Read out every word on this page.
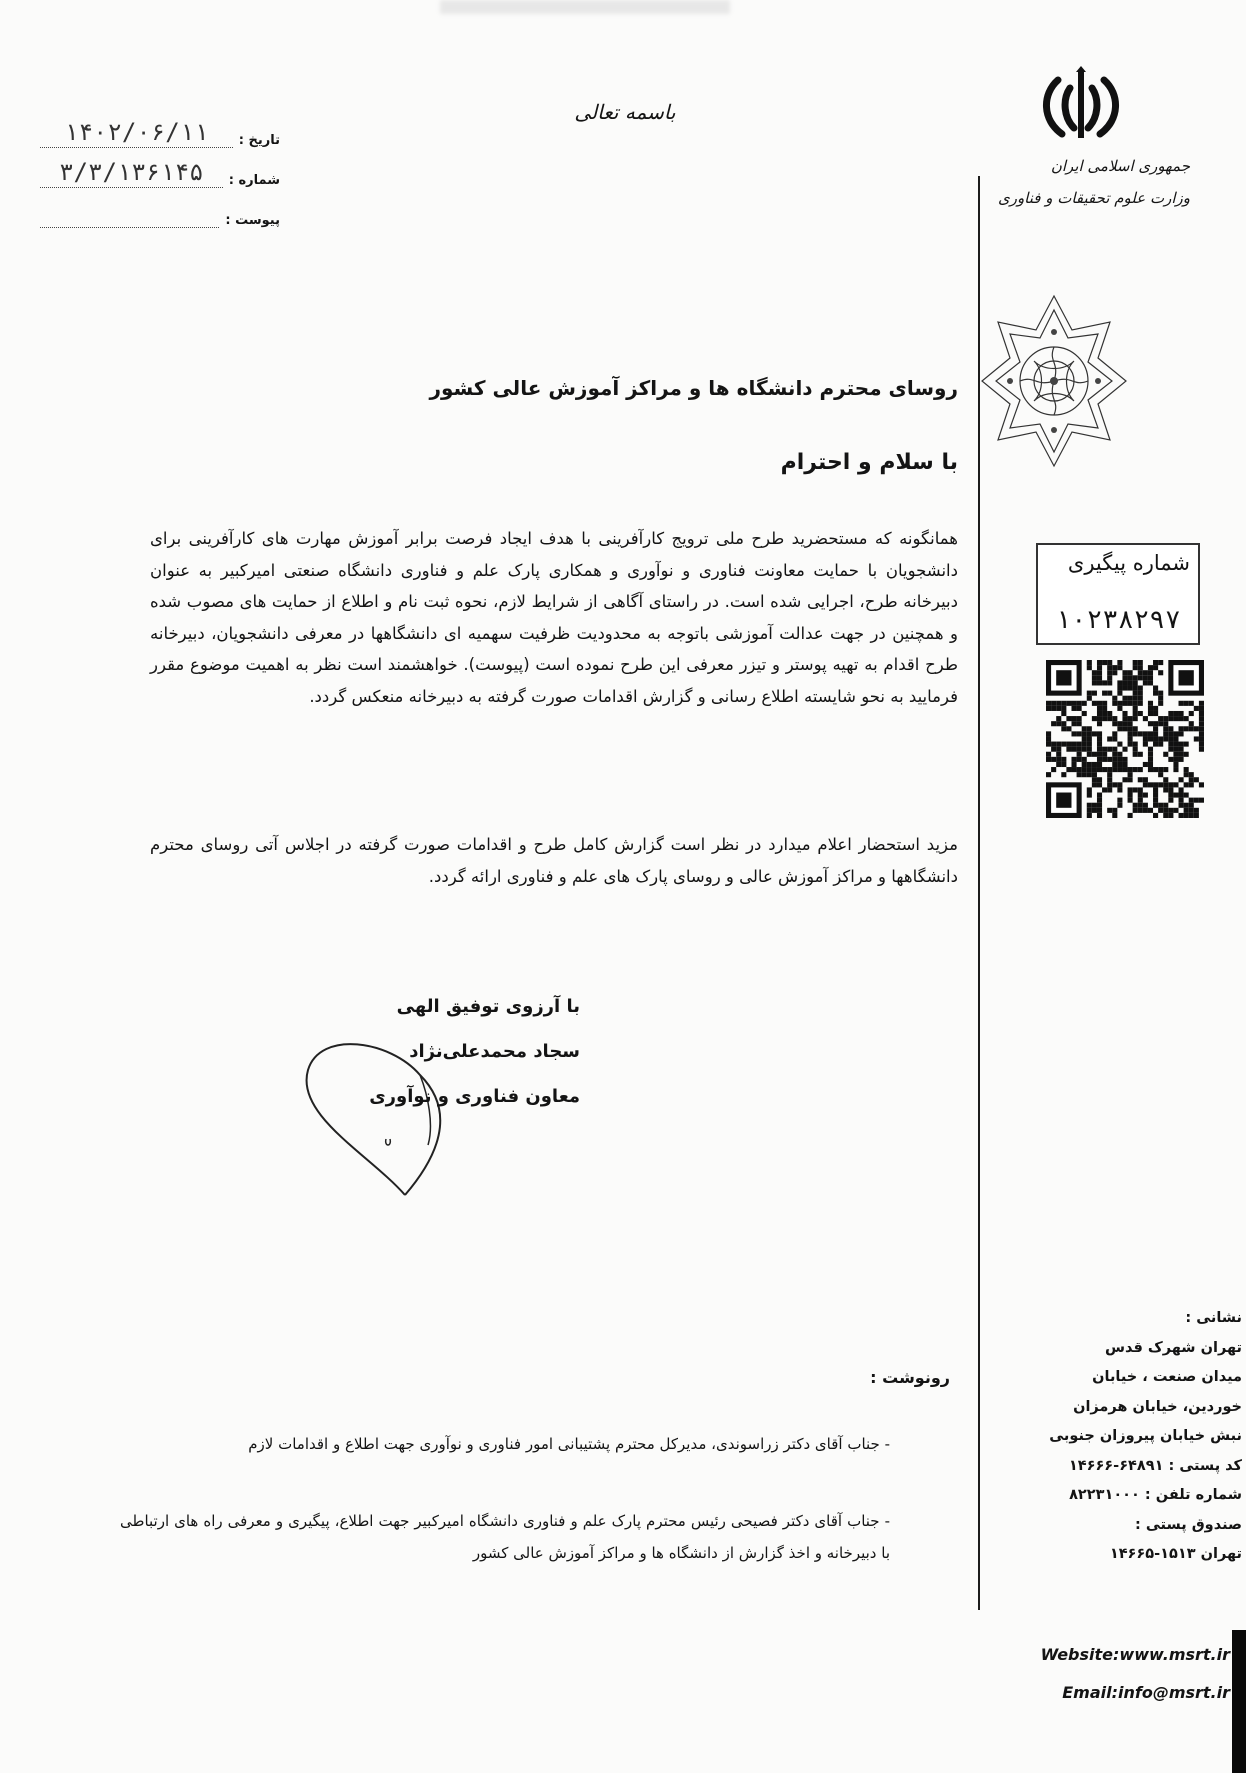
باسمه تعالی
تاریخ :
۱۴۰۲/۰۶/۱۱
شماره :
۳/۳/۱۳۶۱۴۵
پیوست :
جمهوری اسلامی ایران
وزارت علوم تحقیقات و فناوری
شماره پیگیری
۱۰۲۳۸۲۹۷
روسای محترم دانشگاه ها و مراکز آموزش عالی کشور
با سلام و احترام
همانگونه که مستحضرید طرح ملی ترویج کارآفرینی با هدف ایجاد فرصت برابر آموزش مهارت های کارآفرینی برای دانشجویان با حمایت معاونت فناوری و نوآوری و همکاری پارک علم و فناوری دانشگاه صنعتی امیرکبیر به عنوان دبیرخانه طرح، اجرایی شده است. در راستای آگاهی از شرایط لازم، نحوه ثبت نام و اطلاع از حمایت های مصوب شده و همچنین در جهت عدالت آموزشی باتوجه به محدودیت ظرفیت سهمیه ای دانشگاهها در معرفی دانشجویان، دبیرخانه طرح اقدام به تهیه پوستر و تیزر معرفی این طرح نموده است (پیوست). خواهشمند است نظر به اهمیت موضوع مقرر فرمایید به نحو شایسته اطلاع رسانی و گزارش اقدامات صورت گرفته به دبیرخانه منعکس گردد.
مزید استحضار اعلام میدارد در نظر است گزارش کامل طرح و اقدامات صورت گرفته در اجلاس آتی روسای محترم دانشگاهها و مراکز آموزش عالی و روسای پارک های علم و فناوری ارائه گردد.
با آرزوی توفیق الهی
سجاد محمدعلی‌نژاد
معاون فناوری و نوآوری
رونوشت :
- جناب آقای دکتر زراسوندی، مدیرکل محترم پشتیبانی امور فناوری و نوآوری جهت اطلاع و اقدامات لازم
- جناب آقای دکتر فصیحی رئیس محترم پارک علم و فناوری دانشگاه امیرکبیر جهت اطلاع، پیگیری و معرفی راه های ارتباطی با دبیرخانه و اخذ گزارش از دانشگاه ها و مراکز آموزش عالی کشور
نشانی :
تهران شهرک قدس
میدان صنعت ، خیابان
خوردین، خیابان هرمزان
نبش خیابان پیروزان جنوبی
کد پستی : ۶۴۸۹۱-۱۴۶۶۶
شماره تلفن : ۸۲۲۳۱۰۰۰
صندوق پستی :
تهران ۱۵۱۳-۱۴۶۶۵
Website:www.msrt.ir
Email:info@msrt.ir
